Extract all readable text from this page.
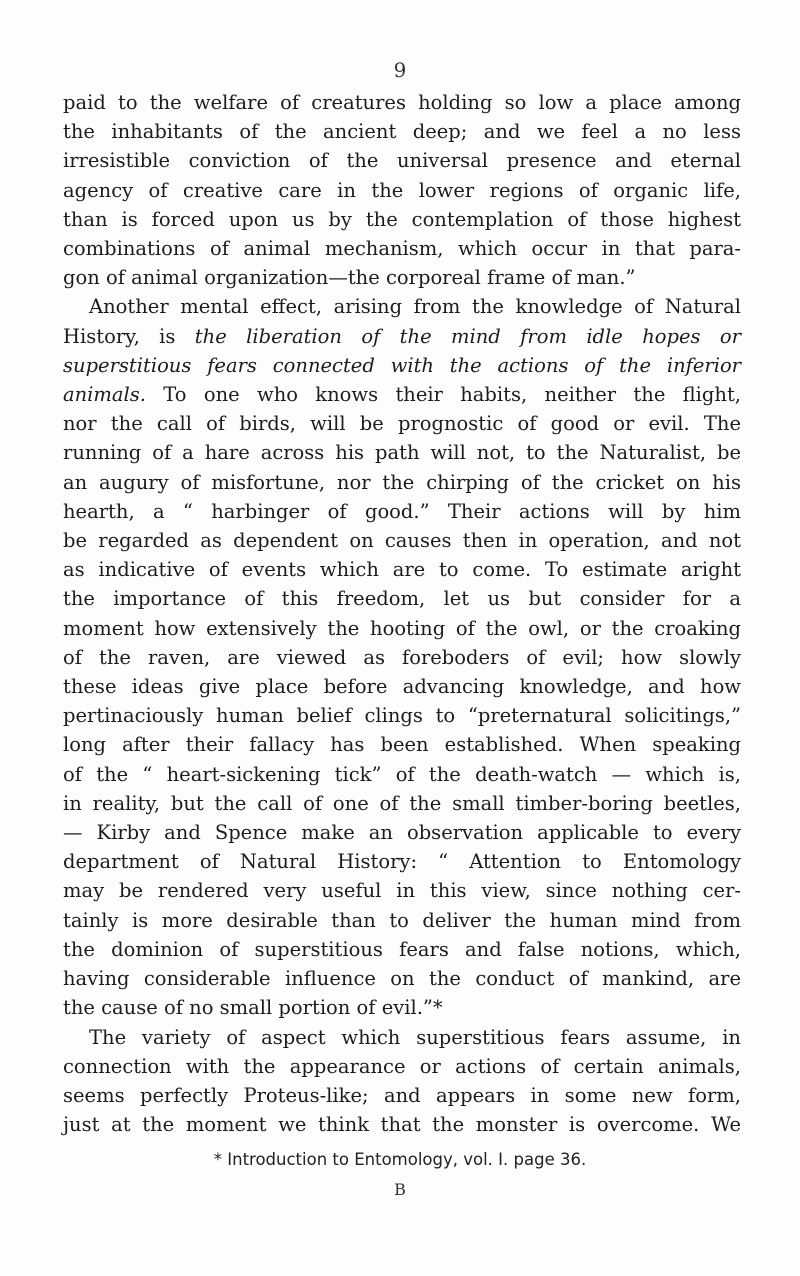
9
paid to the welfare of creatures holding so low a place among
the inhabitants of the ancient deep; and we feel a no less
irresistible conviction of the universal presence and eternal
agency of creative care in the lower regions of organic life,
than is forced upon us by the contemplation of those highest
combinations of animal mechanism, which occur in that para-
gon of animal organization—the corporeal frame of man.”
Another mental effect, arising from the knowledge of Natural
History, is the liberation of the mind from idle hopes or
superstitious fears connected with the actions of the inferior
animals. To one who knows their habits, neither the flight,
nor the call of birds, will be prognostic of good or evil. The
running of a hare across his path will not, to the Naturalist, be
an augury of misfortune, nor the chirping of the cricket on his
hearth, a “ harbinger of good.” Their actions will by him
be regarded as dependent on causes then in operation, and not
as indicative of events which are to come. To estimate aright
the importance of this freedom, let us but consider for a
moment how extensively the hooting of the owl, or the croaking
of the raven, are viewed as foreboders of evil; how slowly
these ideas give place before advancing knowledge, and how
pertinaciously human belief clings to “preternatural solicitings,”
long after their fallacy has been established. When speaking
of the “ heart-sickening tick” of the death-watch — which is,
in reality, but the call of one of the small timber-boring beetles,
— Kirby and Spence make an observation applicable to every
department of Natural History: “ Attention to Entomology
may be rendered very useful in this view, since nothing cer-
tainly is more desirable than to deliver the human mind from
the dominion of superstitious fears and false notions, which,
having considerable influence on the conduct of mankind, are
the cause of no small portion of evil.”*
The variety of aspect which superstitious fears assume, in
connection with the appearance or actions of certain animals,
seems perfectly Proteus-like; and appears in some new form,
just at the moment we think that the monster is overcome. We
* Introduction to Entomology, vol. I. page 36.
B
